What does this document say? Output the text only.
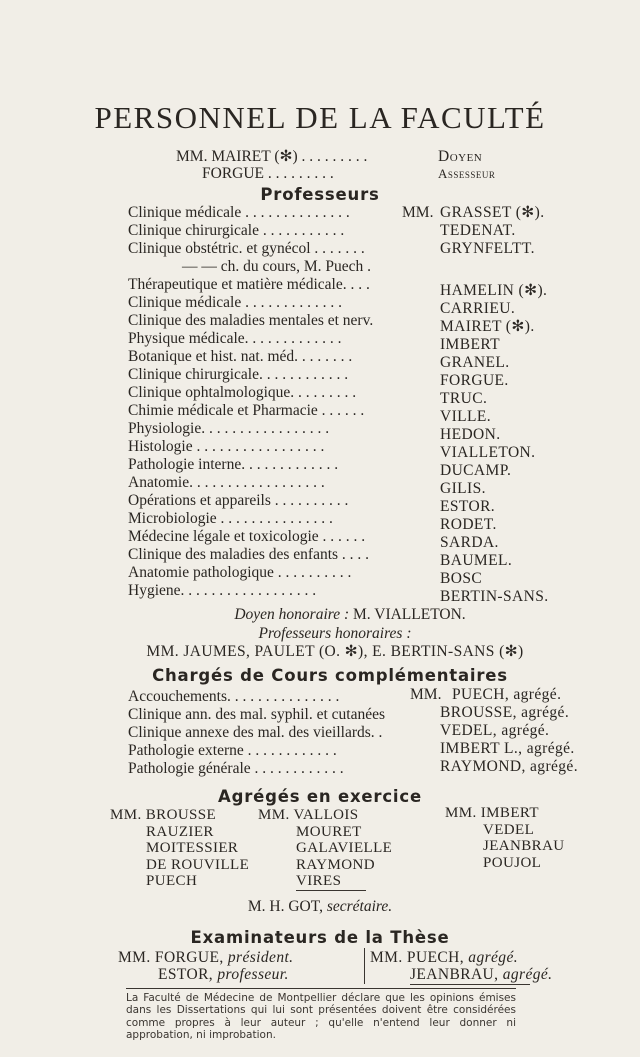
PERSONNEL DE LA FACULTÉ
MM. MAIRET (✻) . . . . . . . . .	Doyen
FORGUE . . . . . . . . .	Assesseur
Professeurs
MM.
Clinique médicale . . . . . . . . . . . . . .	GRASSET (✻).
Clinique chirurgicale . . . . . . . . . . .	TEDENAT.
Clinique obstétric. et gynécol . . . . . . .	GRYNFELTT.
— — ch. du cours, M. Puech .
Thérapeutique et matière médicale. . . .	HAMELIN (✻).
Clinique médicale . . . . . . . . . . . . .	CARRIEU.
Clinique des maladies mentales et nerv.	MAIRET (✻).
Physique médicale. . . . . . . . . . . . .	IMBERT
Botanique et hist. nat. méd. . . . . . . .	GRANEL.
Clinique chirurgicale. . . . . . . . . . . .	FORGUE.
Clinique ophtalmologique. . . . . . . . .	TRUC.
Chimie médicale et Pharmacie . . . . . .	VILLE.
Physiologie. . . . . . . . . . . . . . . . .	HEDON.
Histologie . . . . . . . . . . . . . . . . .	VIALLETON.
Pathologie interne. . . . . . . . . . . . .	DUCAMP.
Anatomie. . . . . . . . . . . . . . . . . .	GILIS.
Opérations et appareils . . . . . . . . . .	ESTOR.
Microbiologie . . . . . . . . . . . . . . .	RODET.
Médecine légale et toxicologie . . . . . .	SARDA.
Clinique des maladies des enfants . . . .	BAUMEL.
Anatomie pathologique . . . . . . . . . .	BOSC
Hygiene. . . . . . . . . . . . . . . . . .	BERTIN-SANS.
Doyen honoraire : M. VIALLETON.
Professeurs honoraires :
MM. JAUMES, PAULET (O. ✻), E. BERTIN-SANS (✻)
Chargés de Cours complémentaires
MM.
Accouchements. . . . . . . . . . . . . . .	PUECH, agrégé.
Clinique ann. des mal. syphil. et cutanées	BROUSSE, agrégé.
Clinique annexe des mal. des vieillards. .	VEDEL, agrégé.
Pathologie externe . . . . . . . . . . . .	IMBERT L., agrégé.
Pathologie générale . . . . . . . . . . . .	RAYMOND, agrégé.
Agrégés en exercice
MM. BROUSSE
RAUZIER
MOITESSIER
DE ROUVILLE
PUECH
MM. VALLOIS
MOURET
GALAVIELLE
RAYMOND
VIRES
MM. IMBERT
VEDEL
JEANBRAU
POUJOL
M. H. GOT, secrétaire.
Examinateurs de la Thèse
MM. FORGUE, président.
ESTOR, professeur.
MM. PUECH, agrégé.
JEANBRAU, agrégé.
La Faculté de Médecine de Montpellier déclare que les opinions émises dans les Dissertations qui lui sont présentées doivent être considérées comme propres à leur auteur ; qu'elle n'entend leur donner ni approbation, ni improbation.
